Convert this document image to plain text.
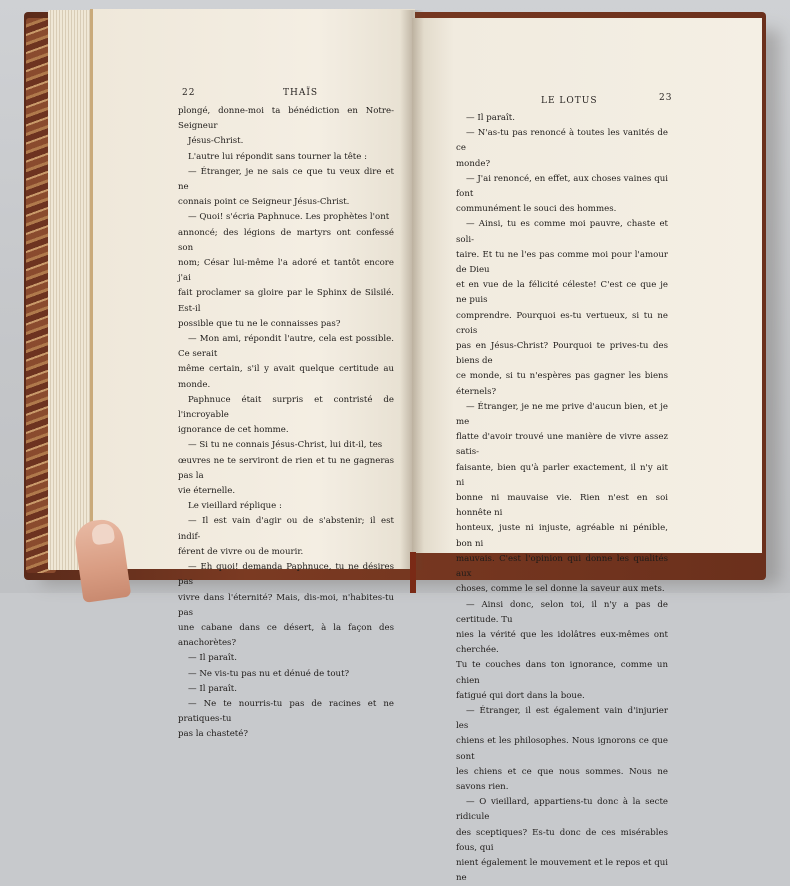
22	THAÏS

plongé, donne-moi ta bénédiction en Notre-Seigneur

Jésus-Christ.

L'autre lui répondit sans tourner la tête :

— Étranger, je ne sais ce que tu veux dire et ne

connais point ce Seigneur Jésus-Christ.

— Quoi! s'écria Paphnuce. Les prophètes l'ont

annoncé; des légions de martyrs ont confessé son

nom; César lui-même l'a adoré et tantôt encore j'ai

fait proclamer sa gloire par le Sphinx de Silsilé. Est-il

possible que tu ne le connaisses pas?

— Mon ami, répondit l'autre, cela est possible. Ce serait

même certain, s'il y avait quelque certitude au monde.

Paphnuce était surpris et contristé de l'incroyable

ignorance de cet homme.

— Si tu ne connais Jésus-Christ, lui dit-il, tes

œuvres ne te serviront de rien et tu ne gagneras pas la

vie éternelle.

Le vieillard réplique :

— Il est vain d'agir ou de s'abstenir; il est indif-

férent de vivre ou de mourir.

— Eh quoi! demanda Paphnuce, tu ne désires pas

vivre dans l'éternité? Mais, dis-moi, n'habites-tu pas

une cabane dans ce désert, à la façon des anachorètes?

— Il paraît.

— Ne vis-tu pas nu et dénué de tout?

— Il paraît.

— Ne te nourris-tu pas de racines et ne pratiques-tu

pas la chasteté?

LE LOTUS	23

— Il paraît.

— N'as-tu pas renoncé à toutes les vanités de ce

monde?

— J'ai renoncé, en effet, aux choses vaines qui font

communément le souci des hommes.

— Ainsi, tu es comme moi pauvre, chaste et soli-

taire. Et tu ne l'es pas comme moi pour l'amour de Dieu

et en vue de la félicité céleste! C'est ce que je ne puis

comprendre. Pourquoi es-tu vertueux, si tu ne crois

pas en Jésus-Christ? Pourquoi te prives-tu des biens de

ce monde, si tu n'espères pas gagner les biens éternels?

— Étranger, je ne me prive d'aucun bien, et je me

flatte d'avoir trouvé une manière de vivre assez satis-

faisante, bien qu'à parler exactement, il n'y ait ni

bonne ni mauvaise vie. Rien n'est en soi honnête ni

honteux, juste ni injuste, agréable ni pénible, bon ni

mauvais. C'est l'opinion qui donne les qualités aux

choses, comme le sel donne la saveur aux mets.

— Ainsi donc, selon toi, il n'y a pas de certitude. Tu

nies la vérité que les idolâtres eux-mêmes ont cherchée.

Tu te couches dans ton ignorance, comme un chien

fatigué qui dort dans la boue.

— Étranger, il est également vain d'injurier les

chiens et les philosophes. Nous ignorons ce que sont

les chiens et ce que nous sommes. Nous ne savons rien.

— O vieillard, appartiens-tu donc à la secte ridicule

des sceptiques? Es-tu donc de ces misérables fous, qui

nient également le mouvement et le repos et qui ne
